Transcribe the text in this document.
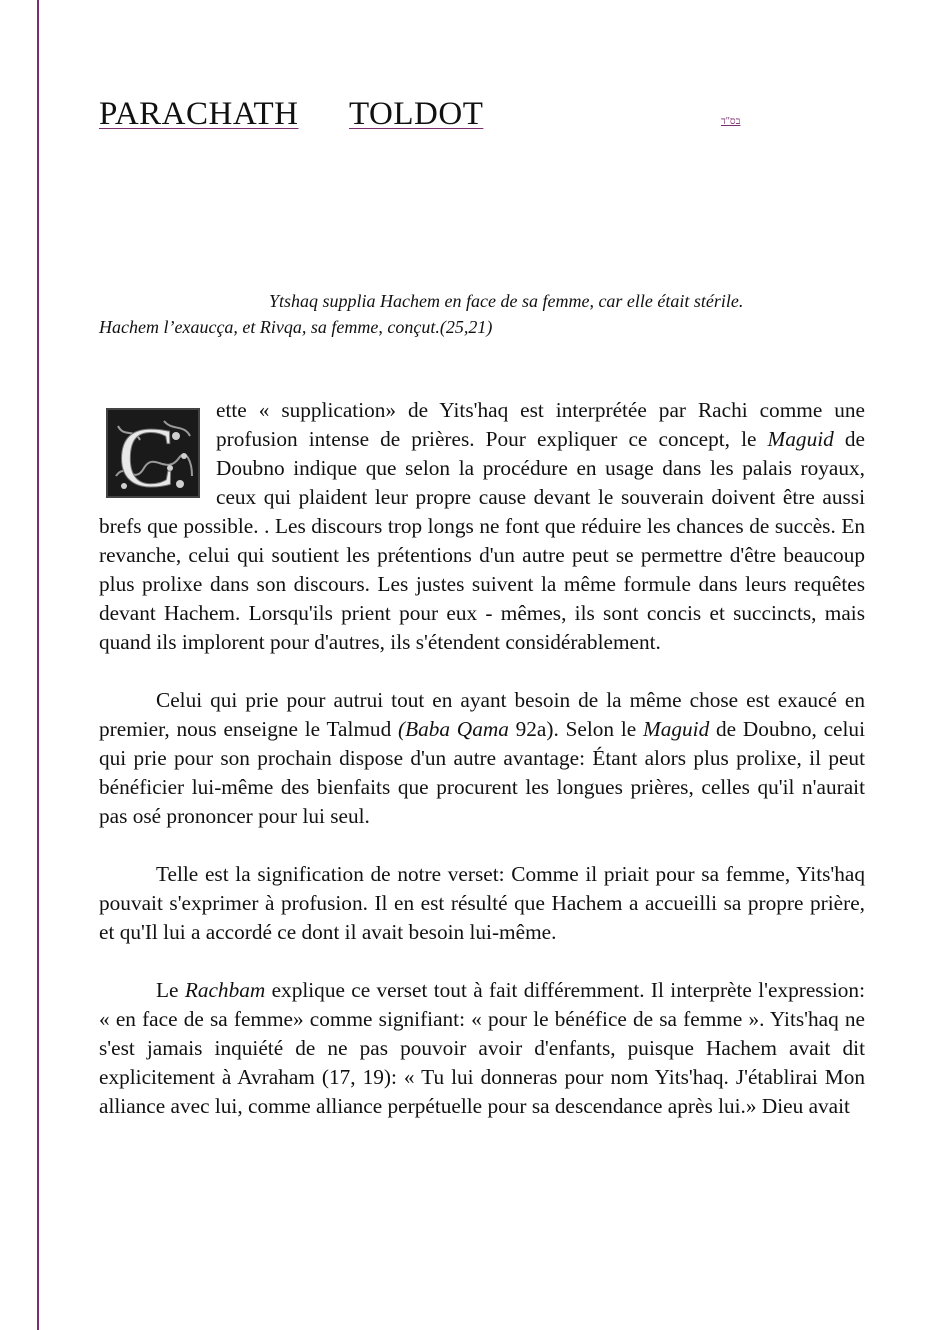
PARACHATH TOLDOT	בס"ד
Ytshaq supplia Hachem en face de sa femme, car elle était stérile.
Hachem l’exaucça, et Rivqa, sa femme, conçut.(25,21)

C ette « supplication» de Yits'haq est interprétée par Rachi comme une profusion intense de prières. Pour expliquer ce concept, le Maguid de Doubno indique que selon la procédure en usage dans les palais royaux, ceux qui plaident leur propre cause devant le souverain doivent être aussi brefs que possible. . Les discours trop longs ne font que réduire les chances de succès. En revanche, celui qui soutient les prétentions d'un autre peut se permettre d'être beaucoup plus prolixe dans son discours. Les justes suivent la même formule dans leurs requêtes devant Hachem. Lorsqu'ils prient pour eux - mêmes, ils sont concis et succincts, mais quand ils implorent pour d'autres, ils s'étendent considérablement.

Celui qui prie pour autrui tout en ayant besoin de la même chose est exaucé en premier, nous enseigne le Talmud (Baba Qama 92a). Selon le Maguid de Doubno, celui qui prie pour son prochain dispose d'un autre avantage: Étant alors plus prolixe, il peut bénéficier lui-même des bienfaits que procurent les longues prières, celles qu'il n'aurait pas osé prononcer pour lui seul.

Telle est la signification de notre verset: Comme il priait pour sa femme, Yits'haq pouvait s'exprimer à profusion. Il en est résulté que Hachem a accueilli sa propre prière, et qu'Il lui a accordé ce dont il avait besoin lui-même.

Le Rachbam explique ce verset tout à fait différemment. Il interprète l'expression: « en face de sa femme» comme signifiant: « pour le bénéfice de sa femme ». Yits'haq ne s'est jamais inquiété de ne pas pouvoir avoir d'enfants, puisque Hachem avait dit explicitement à Avraham (17, 19): « Tu lui donneras pour nom Yits'haq. J'établirai Mon alliance avec lui, comme alliance perpétuelle pour sa descendance après lui.» Dieu avait
